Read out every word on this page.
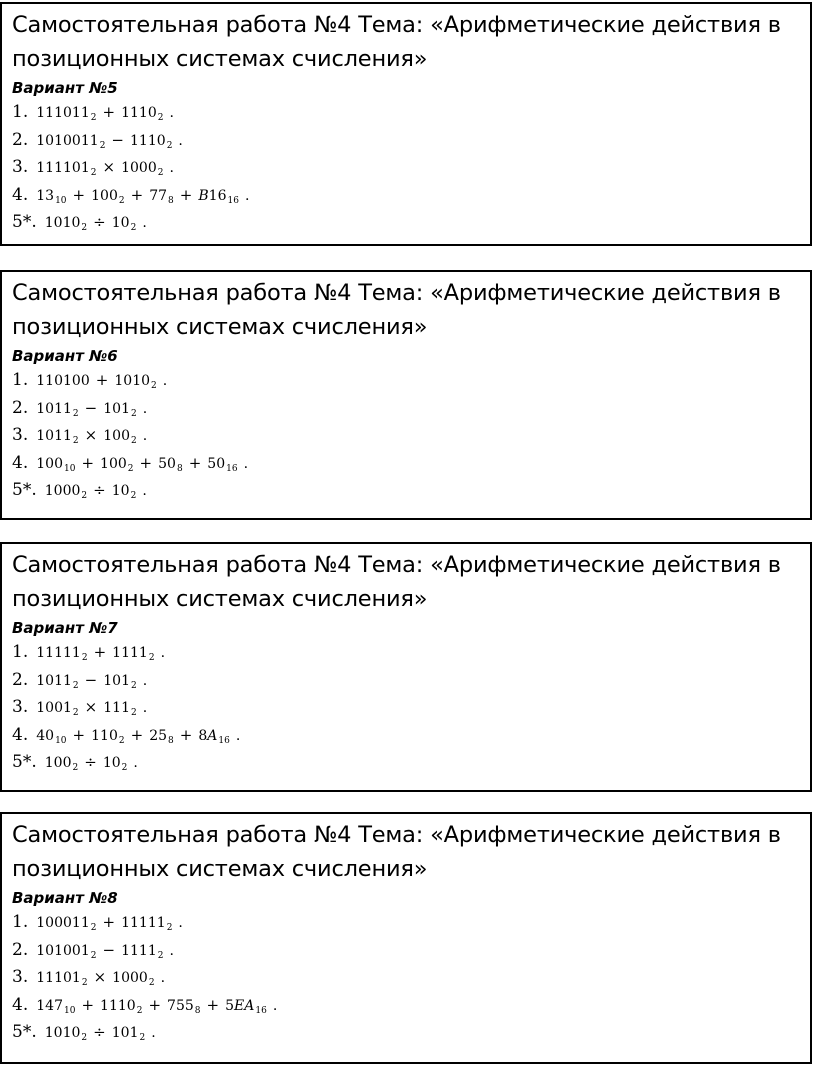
Самостоятельная работа №4 Тема: «Арифметические действия в позиционных системах счисления»
Вариант №5
1. $111011_2 + 1110_2$ .
2. $1010011_2 - 1110_2$ .
3. $111101_2 \times 1000_2$ .
4. $13_{10} + 100_2 + 77_8 + B16_{16}$ .
5*. $1010_2 \div 10_2$ .
Самостоятельная работа №4 Тема: «Арифметические действия в позиционных системах счисления»
Вариант №6
1. $110100 + 1010_2$ .
2. $1011_2 - 101_2$ .
3. $1011_2 \times 100_2$ .
4. $100_{10} + 100_2 + 50_8 + 50_{16}$ .
5*. $1000_2 \div 10_2$ .
Самостоятельная работа №4 Тема: «Арифметические действия в позиционных системах счисления»
Вариант №7
1. $11111_2 + 1111_2$ .
2. $1011_2 - 101_2$ .
3. $1001_2 \times 111_2$ .
4. $40_{10} + 110_2 + 25_8 + 8A_{16}$ .
5*. $100_2 \div 10_2$ .
Самостоятельная работа №4 Тема: «Арифметические действия в позиционных системах счисления»
Вариант №8
1. $100011_2 + 11111_2$ .
2. $101001_2 - 1111_2$ .
3. $11101_2 \times 1000_2$ .
4. $147_{10} + 1110_2 + 755_8 + 5EA_{16}$ .
5*. $1010_2 \div 101_2$ .
